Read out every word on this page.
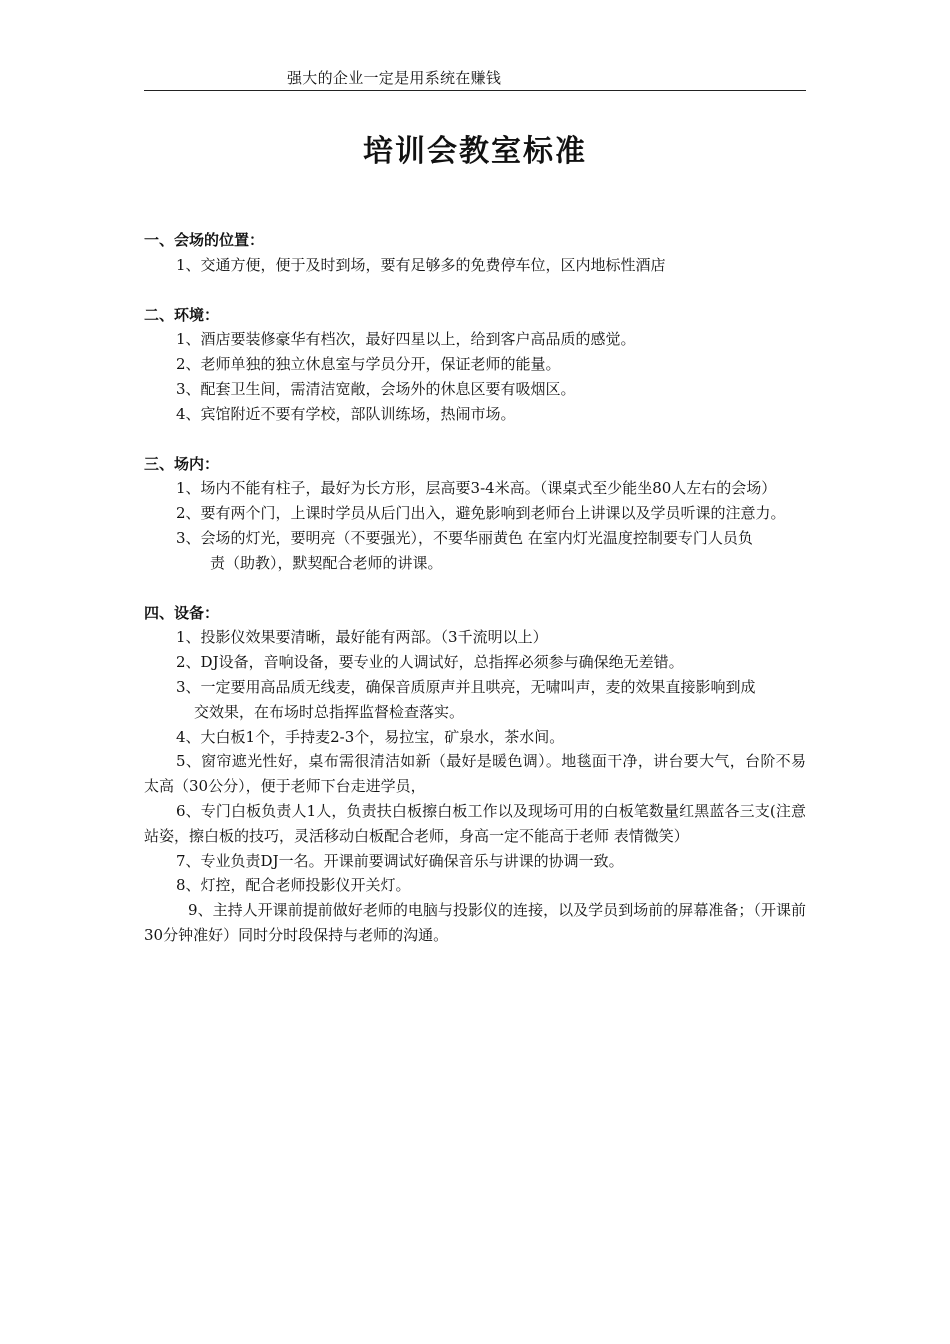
强大的企业一定是用系统在赚钱
培训会教室标准
一、会场的位置：
1、交通方便，便于及时到场，要有足够多的免费停车位，区内地标性酒店
二、环境：
1、酒店要装修豪华有档次，最好四星以上，给到客户高品质的感觉。
2、老师单独的独立休息室与学员分开，保证老师的能量。
3、配套卫生间，需清洁宽敞，会场外的休息区要有吸烟区。
4、宾馆附近不要有学校，部队训练场，热闹市场。
三、场内：
1、场内不能有柱子，最好为长方形，层高要3-4米高。（课桌式至少能坐80人左右的会场）
2、要有两个门，上课时学员从后门出入，避免影响到老师台上讲课以及学员听课的注意力。
3、会场的灯光，要明亮（不要强光），不要华丽黄色 在室内灯光温度控制要专门人员负
责（助教），默契配合老师的讲课。
四、设备：
1、投影仪效果要清晰，最好能有两部。（3千流明以上）
2、DJ设备，音响设备，要专业的人调试好，总指挥必须参与确保绝无差错。
3、一定要用高品质无线麦，确保音质原声并且哄亮，无啸叫声，麦的效果直接影响到成
交效果，在布场时总指挥监督检查落实。
4、大白板1个，手持麦2-3个，易拉宝，矿泉水，茶水间。
5、窗帘遮光性好，桌布需很清洁如新（最好是暖色调）。地毯面干净，讲台要大气，台阶不易太高（30公分），便于老师下台走进学员，
6、专门白板负责人1人，负责扶白板擦白板工作以及现场可用的白板笔数量红黑蓝各三支(注意站姿，擦白板的技巧，灵活移动白板配合老师，身高一定不能高于老师 表情微笑）
7、专业负责DJ一名。开课前要调试好确保音乐与讲课的协调一致。
8、灯控，配合老师投影仪开关灯。
9、主持人开课前提前做好老师的电脑与投影仪的连接，以及学员到场前的屏幕准备；（开课前30分钟准好）同时分时段保持与老师的沟通。
